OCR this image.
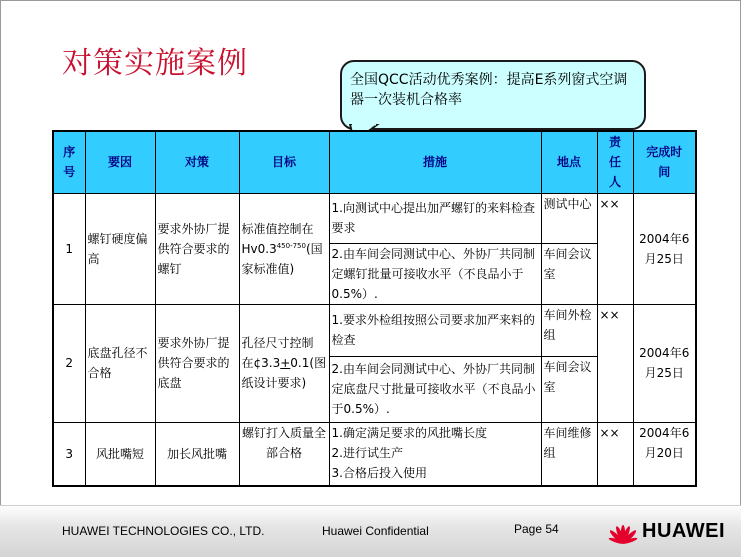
对策实施案例	全国QCC活动优秀案例：提高E系列窗式空调器一次装机合格率
序号	要因	对策	目标	措施	地点	责任人	完成时间
1	螺钉硬度偏高	要求外协厂提供符合要求的螺钉	标准值控制在Hv0.3$^{450-750}$(国家标准值)	1.向测试中心提出加严螺钉的来料检查要求	测试中心	××	2004年6月25日
				2.由车间会同测试中心、外协厂共同制定螺钉批量可接收水平（不良品小于0.5%）.	车间会议室		
2	底盘孔径不合格	要求外协厂提供符合要求的底盘	孔径尺寸控制在¢3.3+0.1(图纸设计要求)	1.要求外检组按照公司要求加严来料的检查	车间外检组	××	2004年6月25日
				2.由车间会同测试中心、外协厂共同制定底盘尺寸批量可接收水平（不良品小于0.5%）.	车间会议室		
3	风批嘴短	加长风批嘴	螺钉打入质量全部合格	1.确定满足要求的风批嘴长度
2.进行试生产
3.合格后投入使用	车间维修组	××	2004年6月20日
HUAWEI TECHNOLOGIES CO., LTD.	Huawei Confidential	Page 54	HUAWEI
